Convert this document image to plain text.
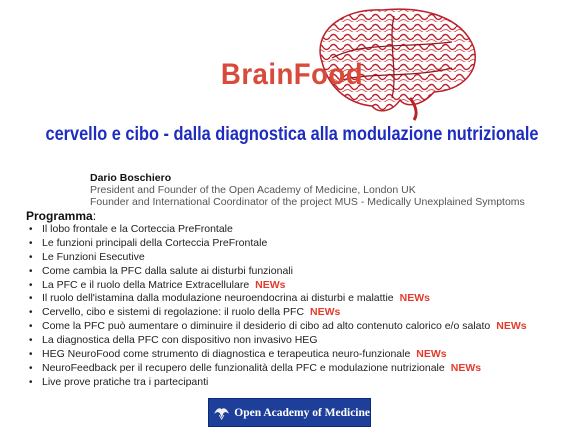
BrainFood
cervello e cibo - dalla diagnostica alla modulazione nutrizionale
Dario Boschiero
President and Founder of the Open Academy of Medicine, London UK
Founder and International Coordinator of the project MUS - Medically Unexplained Symptoms
Programma:
• Il lobo frontale e la Corteccia PreFrontale
• Le funzioni principali della Corteccia PreFrontale
• Le Funzioni Esecutive
• Come cambia la PFC dalla salute ai disturbi funzionali
• La PFC e il ruolo della Matrice Extracellulare NEWs
• Il ruolo dell'istamina dalla modulazione neuroendocrina ai disturbi e malattie NEWs
• Cervello, cibo e sistemi di regolazione: il ruolo della PFC NEWs
• Come la PFC può aumentare o diminuire il desiderio di cibo ad alto contenuto calorico e/o salato NEWs
• La diagnostica della PFC con dispositivo non invasivo HEG
• HEG NeuroFood come strumento di diagnostica e terapeutica neuro-funzionale NEWs
• NeuroFeedback per il recupero delle funzionalità della PFC e modulazione nutrizionale NEWs
• Live prove pratiche tra i partecipanti
Open Academy of Medicine
